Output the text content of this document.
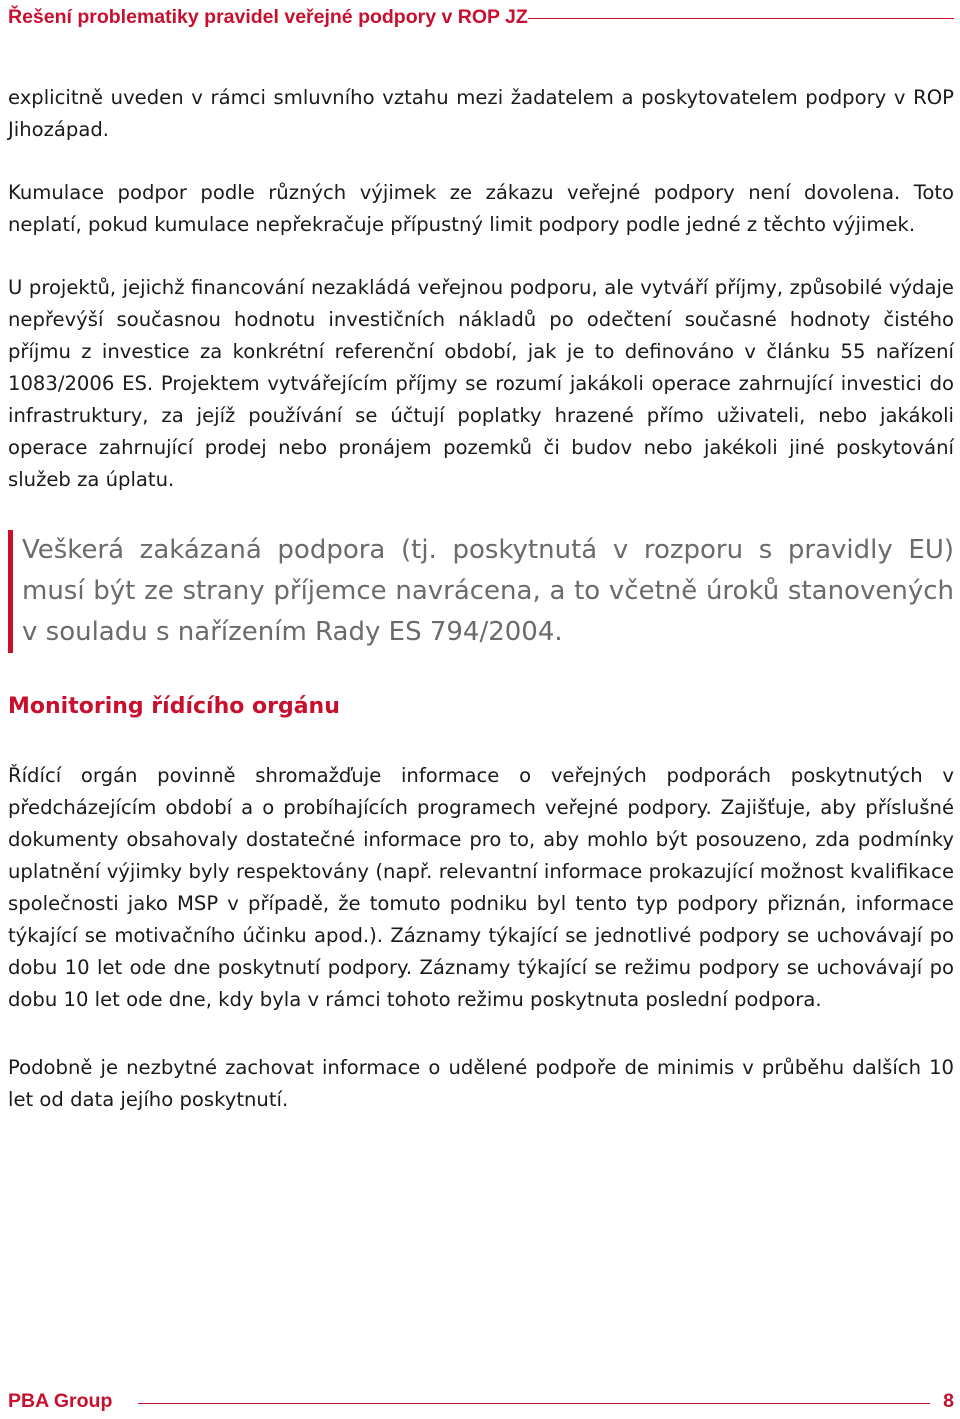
Řešení problematiky pravidel veřejné podpory v ROP JZ

explicitně uveden v rámci smluvního vztahu mezi žadatelem a poskytovatelem podpory v ROP Jihozápad.

Kumulace podpor podle různých výjimek ze zákazu veřejné podpory není dovolena. Toto neplatí, pokud kumulace nepřekračuje přípustný limit podpory podle jedné z těchto výjimek.

U projektů, jejichž financování nezakládá veřejnou podporu, ale vytváří příjmy, způsobilé výdaje nepřevýší současnou hodnotu investičních nákladů po odečtení současné hodnoty čistého příjmu z investice za konkrétní referenční období, jak je to definováno v článku 55 nařízení 1083/2006 ES. Projektem vytvářejícím příjmy se rozumí jakákoli operace zahrnující investici do infrastruktury, za jejíž používání se účtují poplatky hrazené přímo uživateli, nebo jakákoli operace zahrnující prodej nebo pronájem pozemků či budov nebo jakékoli jiné poskytování služeb za úplatu.

Veškerá zakázaná podpora (tj. poskytnutá v rozporu s pravidly EU) musí být ze strany příjemce navrácena, a to včetně úroků stanovených v souladu s nařízením Rady ES 794/2004.
Monitoring řídícího orgánu

Řídící orgán povinně shromažďuje informace o veřejných podporách poskytnutých v předcházejícím období a o probíhajících programech veřejné podpory. Zajišťuje, aby příslušné dokumenty obsahovaly dostatečné informace pro to, aby mohlo být posouzeno, zda podmínky uplatnění výjimky byly respektovány (např. relevantní informace prokazující možnost kvalifikace společnosti jako MSP v případě, že tomuto podniku byl tento typ podpory přiznán, informace týkající se motivačního účinku apod.). Záznamy týkající se jednotlivé podpory se uchovávají po dobu 10 let ode dne poskytnutí podpory. Záznamy týkající se režimu podpory se uchovávají po dobu 10 let ode dne, kdy byla v rámci tohoto režimu poskytnuta poslední podpora.

Podobně je nezbytné zachovat informace o udělené podpoře de minimis v průběhu dalších 10 let od data jejího poskytnutí.

PBA Group	8
